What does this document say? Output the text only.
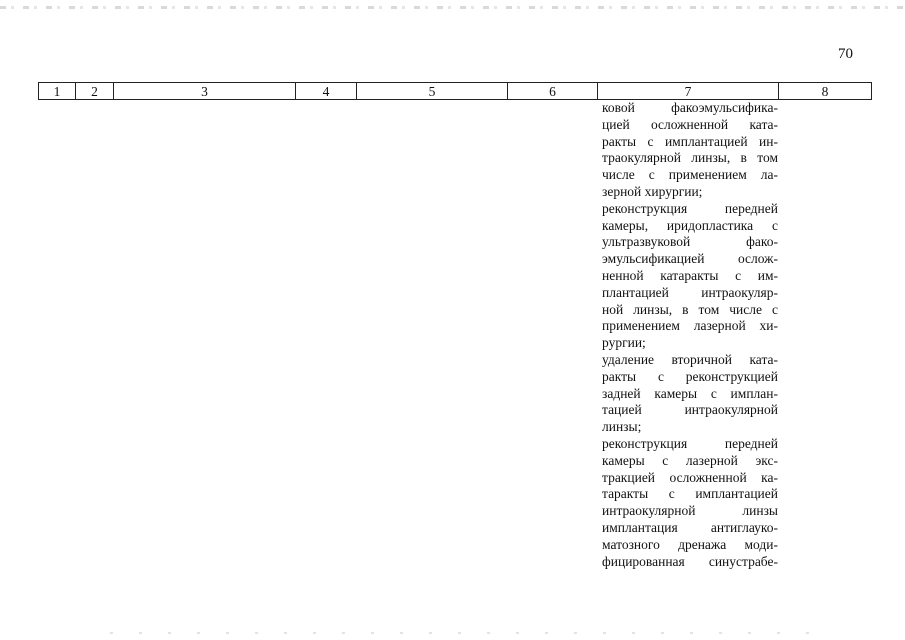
70
1	2	3	4	5	6	7	8
ковой факоэмульсифика-
цией осложненной ката-
ракты с имплантацией ин-
траокулярной линзы, в том
числе с применением ла-
зерной хирургии;
реконструкция передней
камеры, иридопластика с
ультразвуковой фако-
эмульсификацией ослож-
ненной катаракты с им-
плантацией интраокуляр-
ной линзы, в том числе с
применением лазерной хи-
рургии;
удаление вторичной ката-
ракты с реконструкцией
задней камеры с имплан-
тацией интраокулярной
линзы;
реконструкция передней
камеры с лазерной экс-
тракцией осложненной ка-
таракты с имплантацией
интраокулярной линзы
имплантация антиглауко-
матозного дренажа моди-
фицированная синустрабе-
